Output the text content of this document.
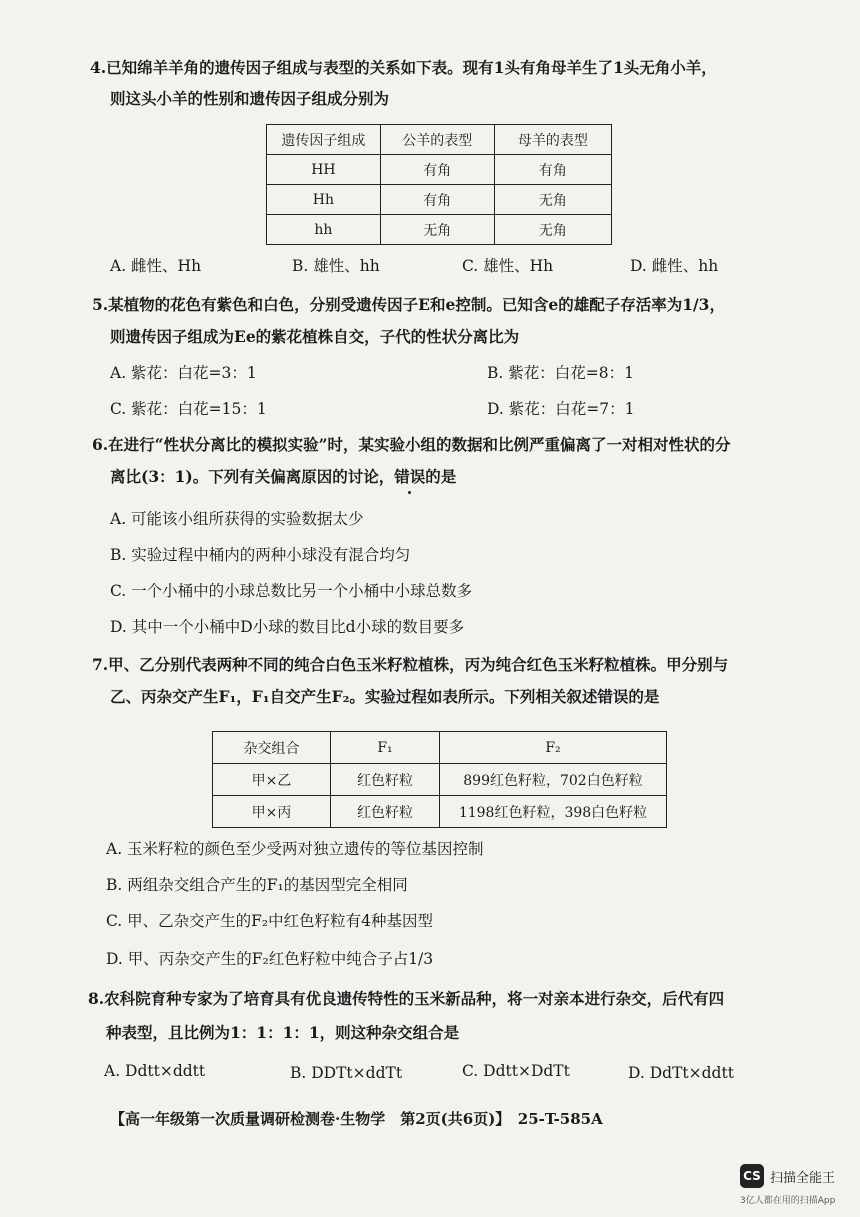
4.已知绵羊羊角的遗传因子组成与表型的关系如下表。现有1头有角母羊生了1头无角小羊，
则这头小羊的性别和遗传因子组成分别为
遗传因子组成	公羊的表型	母羊的表型
HH	有角	有角
Hh	有角	无角
hh	无角	无角
A. 雌性、Hh	B. 雄性、hh	C. 雄性、Hh	D. 雌性、hh
5.某植物的花色有紫色和白色，分别受遗传因子E和e控制。已知含e的雄配子存活率为1/3，
则遗传因子组成为Ee的紫花植株自交，子代的性状分离比为
A. 紫花：白花=3：1	B. 紫花：白花=8：1
C. 紫花：白花=15：1	D. 紫花：白花=7：1
6.在进行“性状分离比的模拟实验”时，某实验小组的数据和比例严重偏离了一对相对性状的分
离比(3：1)。下列有关偏离原因的讨论，错误的是
A. 可能该小组所获得的实验数据太少
B. 实验过程中桶内的两种小球没有混合均匀
C. 一个小桶中的小球总数比另一个小桶中小球总数多
D. 其中一个小桶中D小球的数目比d小球的数目要多
7.甲、乙分别代表两种不同的纯合白色玉米籽粒植株，丙为纯合红色玉米籽粒植株。甲分别与
乙、丙杂交产生F₁，F₁自交产生F₂。实验过程如表所示。下列相关叙述错误的是
杂交组合	F₁	F₂
甲×乙	红色籽粒	899红色籽粒，702白色籽粒
甲×丙	红色籽粒	1198红色籽粒，398白色籽粒
A. 玉米籽粒的颜色至少受两对独立遗传的等位基因控制
B. 两组杂交组合产生的F₁的基因型完全相同
C. 甲、乙杂交产生的F₂中红色籽粒有4种基因型
D. 甲、丙杂交产生的F₂红色籽粒中纯合子占1/3
8.农科院育种专家为了培育具有优良遗传特性的玉米新品种，将一对亲本进行杂交，后代有四
种表型，且比例为1：1：1：1，则这种杂交组合是
A. Ddtt×ddtt	B. DDTt×ddTt	C. Ddtt×DdTt	D. DdTt×ddtt
【高一年级第一次质量调研检测卷·生物学　第2页(共6页)】　25-T-585A
CS 扫描全能王
3亿人都在用的扫描App
